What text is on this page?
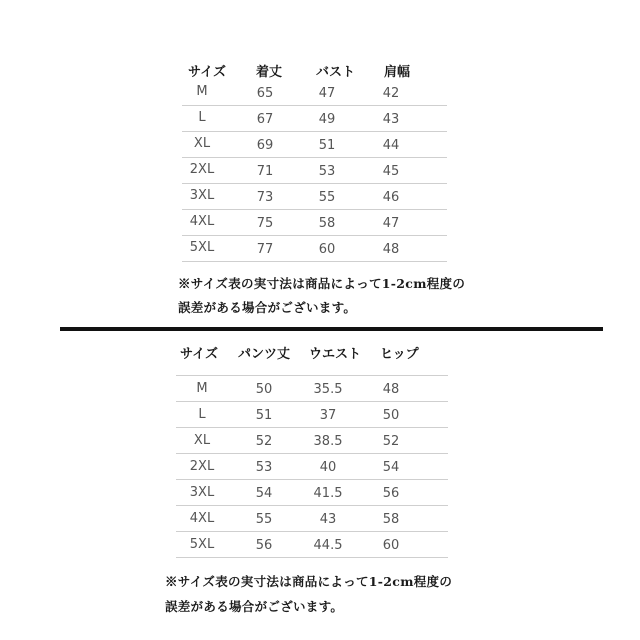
サイズ 着丈	バスト 肩幅
M	65	47	42
L	67	49	43
XL	69	51	44
2XL	71	53	45
3XL	73	55	46
4XL	75	58	47
5XL	77	60	48
※サイズ表の実寸法は商品によって1-2cm程度の
誤差がある場合がございます。
サイズ パンツ丈 ウエスト ヒップ
M	50	35.5	48
L	51	37	50
XL	52	38.5	52
2XL	53	40	54
3XL	54	41.5	56
4XL	55	43	58
5XL	56	44.5	60
※サイズ表の実寸法は商品によって1-2cm程度の
誤差がある場合がございます。
